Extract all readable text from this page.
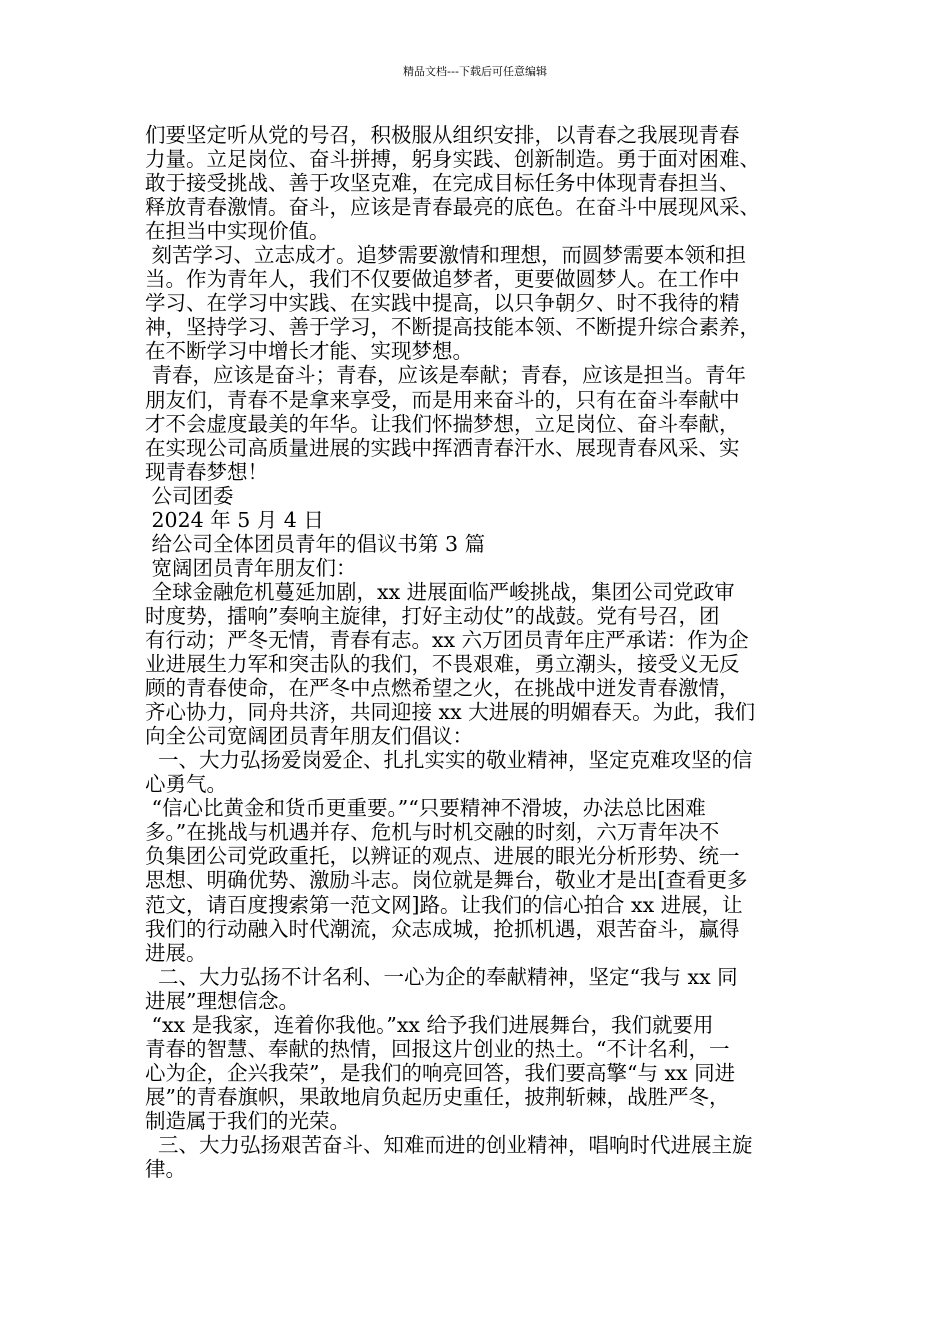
精品文档---下载后可任意编辑
们要坚定听从党的号召，积极服从组织安排，以青春之我展现青春
力量。立足岗位、奋斗拼搏，躬身实践、创新制造。勇于面对困难、
敢于接受挑战、善于攻坚克难，在完成目标任务中体现青春担当、
释放青春激情。奋斗，应该是青春最亮的底色。在奋斗中展现风采、
在担当中实现价值。
刻苦学习、立志成才。追梦需要激情和理想，而圆梦需要本领和担
当。作为青年人，我们不仅要做追梦者，更要做圆梦人。在工作中
学习、在学习中实践、在实践中提高，以只争朝夕、时不我待的精
神，坚持学习、善于学习，不断提高技能本领、不断提升综合素养，
在不断学习中增长才能、实现梦想。
青春，应该是奋斗；青春，应该是奉献；青春，应该是担当。青年
朋友们，青春不是拿来享受，而是用来奋斗的，只有在奋斗奉献中
才不会虚度最美的年华。让我们怀揣梦想，立足岗位、奋斗奉献，
在实现公司高质量进展的实践中挥洒青春汗水、展现青春风采、实
现青春梦想！
公司团委
2024 年 5 月 4 日
给公司全体团员青年的倡议书第 3 篇
宽阔团员青年朋友们：
全球金融危机蔓延加剧，xx 进展面临严峻挑战，集团公司党政审
时度势，擂响”奏响主旋律，打好主动仗”的战鼓。党有号召，团
有行动；严冬无情，青春有志。xx 六万团员青年庄严承诺：作为企
业进展生力军和突击队的我们，不畏艰难，勇立潮头，接受义无反
顾的青春使命，在严冬中点燃希望之火，在挑战中迸发青春激情，
齐心协力，同舟共济，共同迎接 xx 大进展的明媚春天。为此，我们
向全公司宽阔团员青年朋友们倡议：
一、大力弘扬爱岗爱企、扎扎实实的敬业精神，坚定克难攻坚的信
心勇气。
“信心比黄金和货币更重要。”“只要精神不滑坡，办法总比困难
多。”在挑战与机遇并存、危机与时机交融的时刻，六万青年决不
负集团公司党政重托，以辨证的观点、进展的眼光分析形势、统一
思想、明确优势、激励斗志。岗位就是舞台，敬业才是出[查看更多
范文，请百度搜索第一范文网]路。让我们的信心拍合 xx 进展，让
我们的行动融入时代潮流，众志成城，抢抓机遇，艰苦奋斗，赢得
进展。
二、大力弘扬不计名利、一心为企的奉献精神，坚定“我与 xx 同
进展”理想信念。
“xx 是我家，连着你我他。”xx 给予我们进展舞台，我们就要用
青春的智慧、奉献的热情，回报这片创业的热土。“不计名利，一
心为企，企兴我荣”，是我们的响亮回答，我们要高擎“与 xx 同进
展”的青春旗帜，果敢地肩负起历史重任，披荆斩棘，战胜严冬，
制造属于我们的光荣。
三、大力弘扬艰苦奋斗、知难而进的创业精神，唱响时代进展主旋
律。
